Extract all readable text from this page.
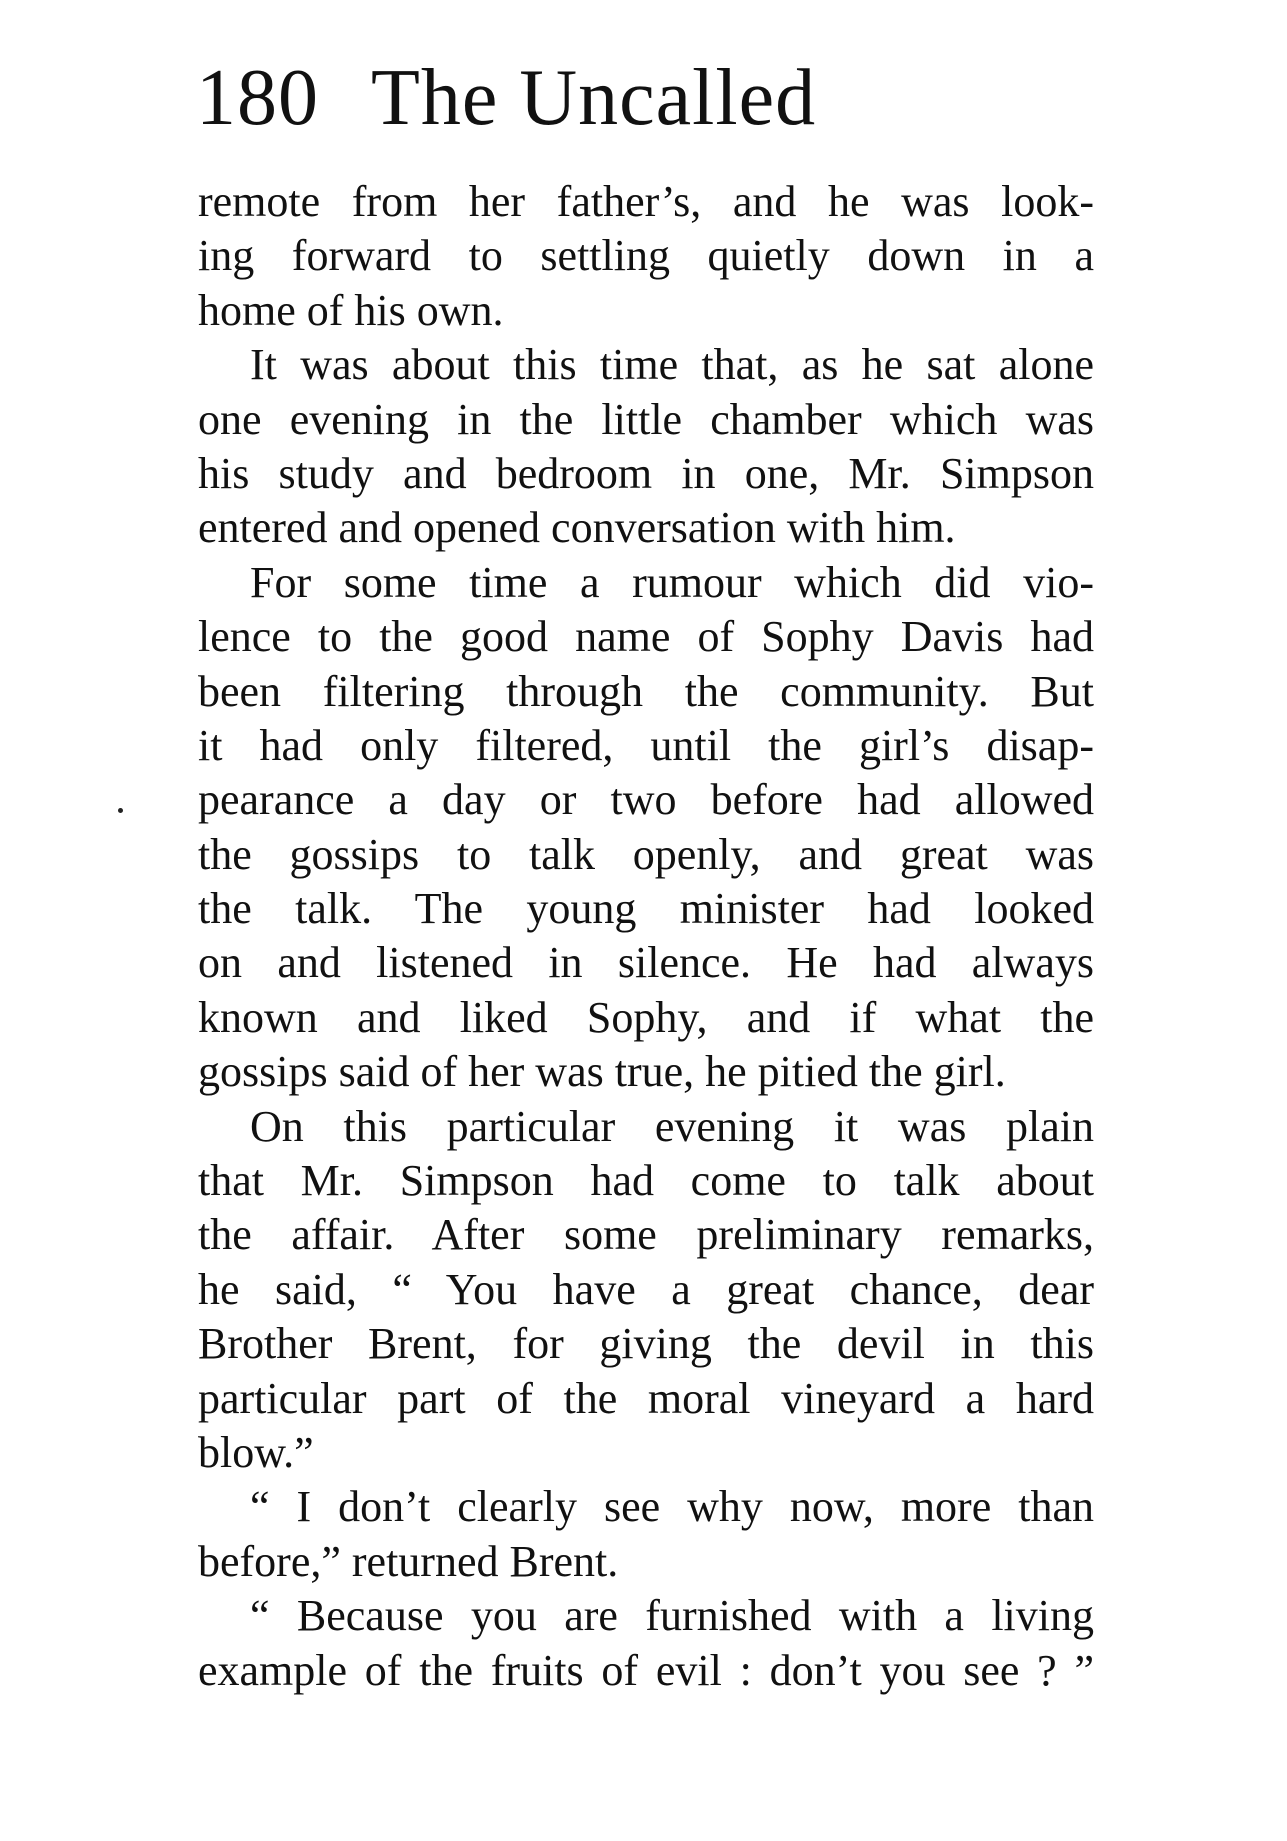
180 The Uncalled
remote from her father’s, and he was look-
ing forward to settling quietly down in a
home of his own.
It was about this time that, as he sat alone
one evening in the little chamber which was
his study and bedroom in one, Mr. Simpson
entered and opened conversation with him.
For some time a rumour which did vio-
lence to the good name of Sophy Davis had
been filtering through the community. But
it had only filtered, until the girl’s disap-
pearance a day or two before had allowed
the gossips to talk openly, and great was
the talk. The young minister had looked
on and listened in silence. He had always
known and liked Sophy, and if what the
gossips said of her was true, he pitied the girl.
On this particular evening it was plain
that Mr. Simpson had come to talk about
the affair. After some preliminary remarks,
he said, “ You have a great chance, dear
Brother Brent, for giving the devil in this
particular part of the moral vineyard a hard
blow.”
“ I don’t clearly see why now, more than
before,” returned Brent.
“ Because you are furnished with a living
example of the fruits of evil : don’t you see ? ”
